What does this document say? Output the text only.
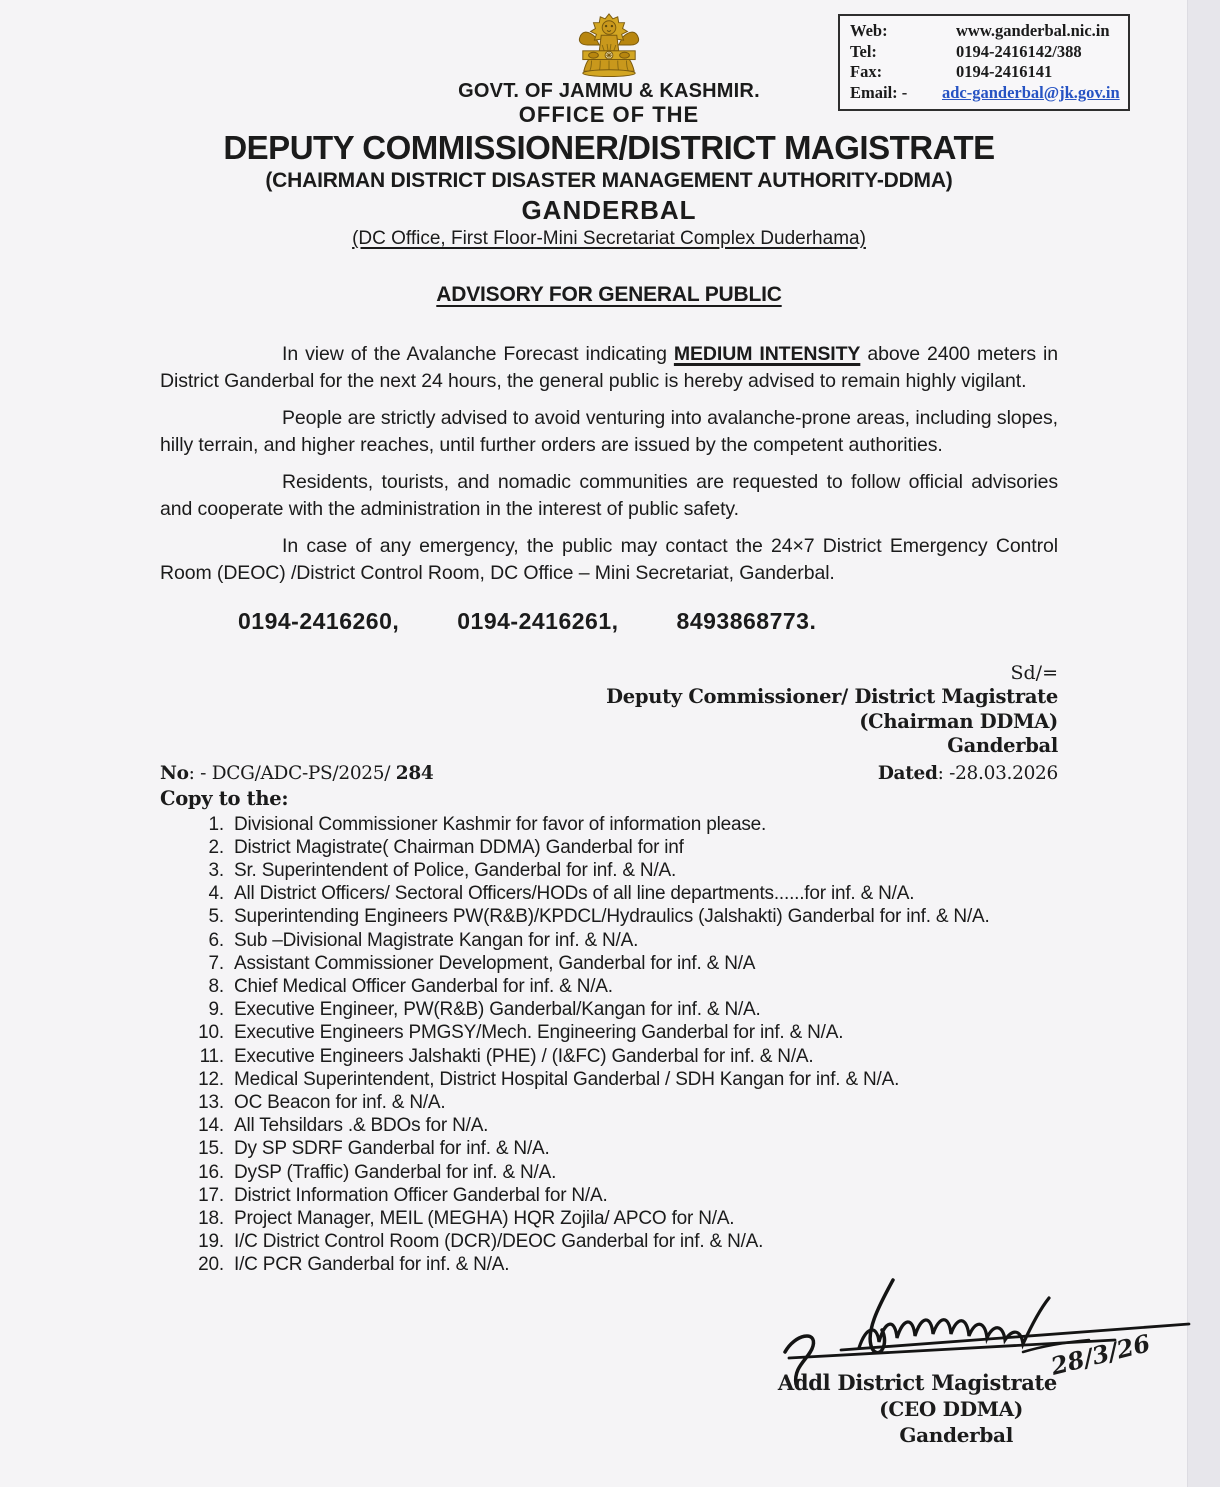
Web:	www.ganderbal.nic.in
Tel:	0194-2416142/388
Fax:	0194-2416141
Email: -	adc-ganderbal@jk.gov.in
GOVT. OF JAMMU & KASHMIR.
OFFICE OF THE
DEPUTY COMMISSIONER/DISTRICT MAGISTRATE
(CHAIRMAN DISTRICT DISASTER MANAGEMENT AUTHORITY-DDMA)
GANDERBAL
(DC Office, First Floor-Mini Secretariat Complex Duderhama)
ADVISORY FOR GENERAL PUBLIC

In view of the Avalanche Forecast indicating MEDIUM INTENSITY above 2400 meters in District Ganderbal for the next 24 hours, the general public is hereby advised to remain highly vigilant.

People are strictly advised to avoid venturing into avalanche-prone areas, including slopes, hilly terrain, and higher reaches, until further orders are issued by the competent authorities.

Residents, tourists, and nomadic communities are requested to follow official advisories and cooperate with the administration in the interest of public safety.

In case of any emergency, the public may contact the 24×7 District Emergency Control Room (DEOC) /District Control Room, DC Office – Mini Secretariat, Ganderbal.

0194-2416260,	0194-2416261,	8493868773.
Sd/=
Deputy Commissioner/ District Magistrate
(Chairman DDMA)
Ganderbal
No: - DCG/ADC-PS/2025/ 284	Dated: -28.03.2026
Copy to the:
1. Divisional Commissioner Kashmir for favor of information please.
2. District Magistrate( Chairman DDMA) Ganderbal for inf
3. Sr. Superintendent of Police, Ganderbal for inf. & N/A.
4. All District Officers/ Sectoral Officers/HODs of all line departments......for inf. & N/A.
5. Superintending Engineers PW(R&B)/KPDCL/Hydraulics (Jalshakti) Ganderbal for inf. & N/A.
6. Sub –Divisional Magistrate Kangan for inf. & N/A.
7. Assistant Commissioner Development, Ganderbal for inf. & N/A
8. Chief Medical Officer Ganderbal for inf. & N/A.
9. Executive Engineer, PW(R&B) Ganderbal/Kangan for inf. & N/A.
10. Executive Engineers PMGSY/Mech. Engineering Ganderbal for inf. & N/A.
11. Executive Engineers Jalshakti (PHE) / (I&FC) Ganderbal for inf. & N/A.
12. Medical Superintendent, District Hospital Ganderbal / SDH Kangan for inf. & N/A.
13. OC Beacon for inf. & N/A.
14. All Tehsildars .& BDOs for N/A.
15. Dy SP SDRF Ganderbal for inf. & N/A.
16. DySP (Traffic) Ganderbal for inf. & N/A.
17. District Information Officer Ganderbal for N/A.
18. Project Manager, MEIL (MEGHA) HQR Zojila/ APCO for N/A.
19. I/C District Control Room (DCR)/DEOC Ganderbal for inf. & N/A.
20. I/C PCR Ganderbal for inf. & N/A.
28/3/26
Addl District Magistrate
(CEO DDMA)
Ganderbal
